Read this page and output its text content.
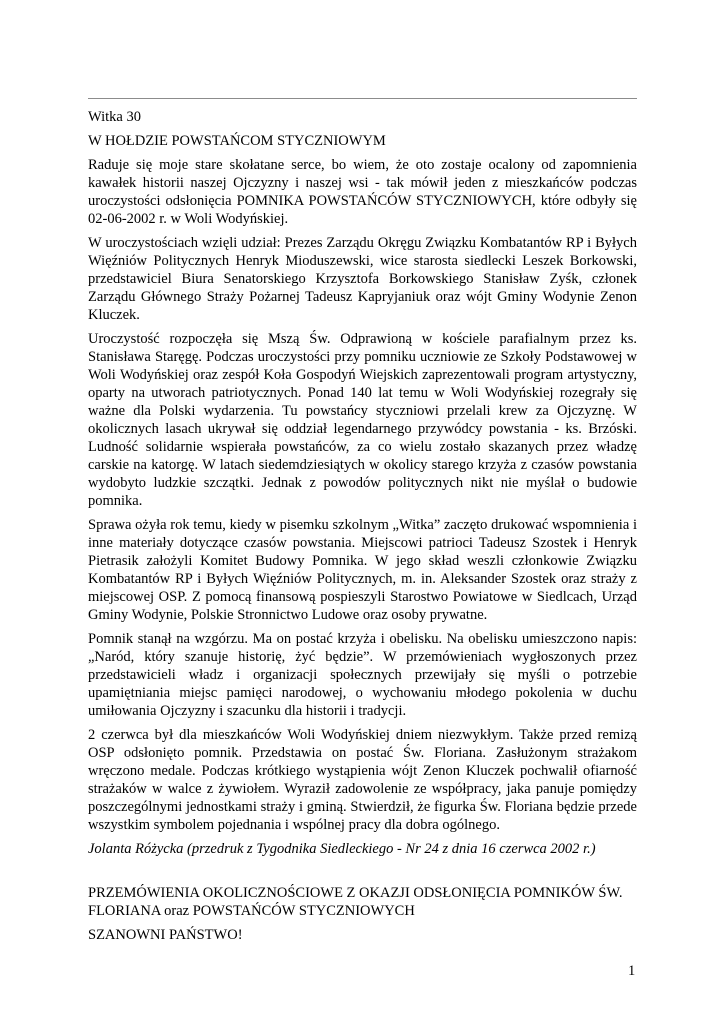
Witka 30

W HOŁDZIE POWSTAŃCOM STYCZNIOWYM

Raduje się moje stare skołatane serce, bo wiem, że oto zostaje ocalony od zapomnienia kawałek historii naszej Ojczyzny i naszej wsi - tak mówił jeden z mieszkańców podczas uroczystości odsłonięcia POMNIKA POWSTAŃCÓW STYCZNIOWYCH, które odbyły się 02-06-2002 r. w Woli Wodyńskiej.

W uroczystościach wzięli udział: Prezes Zarządu Okręgu Związku Kombatantów RP i Byłych Więźniów Politycznych Henryk Mioduszewski, wice starosta siedlecki Leszek Borkowski, przedstawiciel Biura Senatorskiego Krzysztofa Borkowskiego Stanisław Zyśk, członek Zarządu Głównego Straży Pożarnej Tadeusz Kapryjaniuk oraz wójt Gminy Wodynie Zenon Kluczek.

Uroczystość rozpoczęła się Mszą Św. Odprawioną w kościele parafialnym przez ks. Stanisława Staręgę. Podczas uroczystości przy pomniku uczniowie ze Szkoły Podstawowej w Woli Wodyńskiej oraz zespół Koła Gospodyń Wiejskich zaprezentowali program artystyczny, oparty na utworach patriotycznych. Ponad 140 lat temu w Woli Wodyńskiej rozegrały się ważne dla Polski wydarzenia. Tu powstańcy styczniowi przelali krew za Ojczyznę. W okolicznych lasach ukrywał się oddział legendarnego przywódcy powstania - ks. Brzóski. Ludność solidarnie wspierała powstańców, za co wielu zostało skazanych przez władzę carskie na katorgę. W latach siedemdziesiątych w okolicy starego krzyża z czasów powstania wydobyto ludzkie szczątki. Jednak z powodów politycznych nikt nie myślał o budowie pomnika.

Sprawa ożyła rok temu, kiedy w pisemku szkolnym „Witka” zaczęto drukować wspomnienia i inne materiały dotyczące czasów powstania. Miejscowi patrioci Tadeusz Szostek i Henryk Pietrasik założyli Komitet Budowy Pomnika. W jego skład weszli członkowie Związku Kombatantów RP i Byłych Więźniów Politycznych, m. in. Aleksander Szostek oraz straży z miejscowej OSP. Z pomocą finansową pospieszyli Starostwo Powiatowe w Siedlcach, Urząd Gminy Wodynie, Polskie Stronnictwo Ludowe oraz osoby prywatne.

Pomnik stanął na wzgórzu. Ma on postać krzyża i obelisku. Na obelisku umieszczono napis: „Naród, który szanuje historię, żyć będzie”. W przemówieniach wygłoszonych przez przedstawicieli władz i organizacji społecznych przewijały się myśli o potrzebie upamiętniania miejsc pamięci narodowej, o wychowaniu młodego pokolenia w duchu umiłowania Ojczyzny i szacunku dla historii i tradycji.

2 czerwca był dla mieszkańców Woli Wodyńskiej dniem niezwykłym. Także przed remizą OSP odsłonięto pomnik. Przedstawia on postać Św. Floriana. Zasłużonym strażakom wręczono medale. Podczas krótkiego wystąpienia wójt Zenon Kluczek pochwalił ofiarność strażaków w walce z żywiołem. Wyraził zadowolenie ze współpracy, jaka panuje pomiędzy poszczególnymi jednostkami straży i gminą. Stwierdził, że figurka Św. Floriana będzie przede wszystkim symbolem pojednania i wspólnej pracy dla dobra ogólnego.

Jolanta Różycka (przedruk z Tygodnika Siedleckiego - Nr 24 z dnia 16 czerwca 2002 r.)

PRZEMÓWIENIA OKOLICZNOŚCIOWE Z OKAZJI ODSŁONIĘCIA POMNIKÓW ŚW. FLORIANA oraz POWSTAŃCÓW STYCZNIOWYCH

SZANOWNI PAŃSTWO!

1
